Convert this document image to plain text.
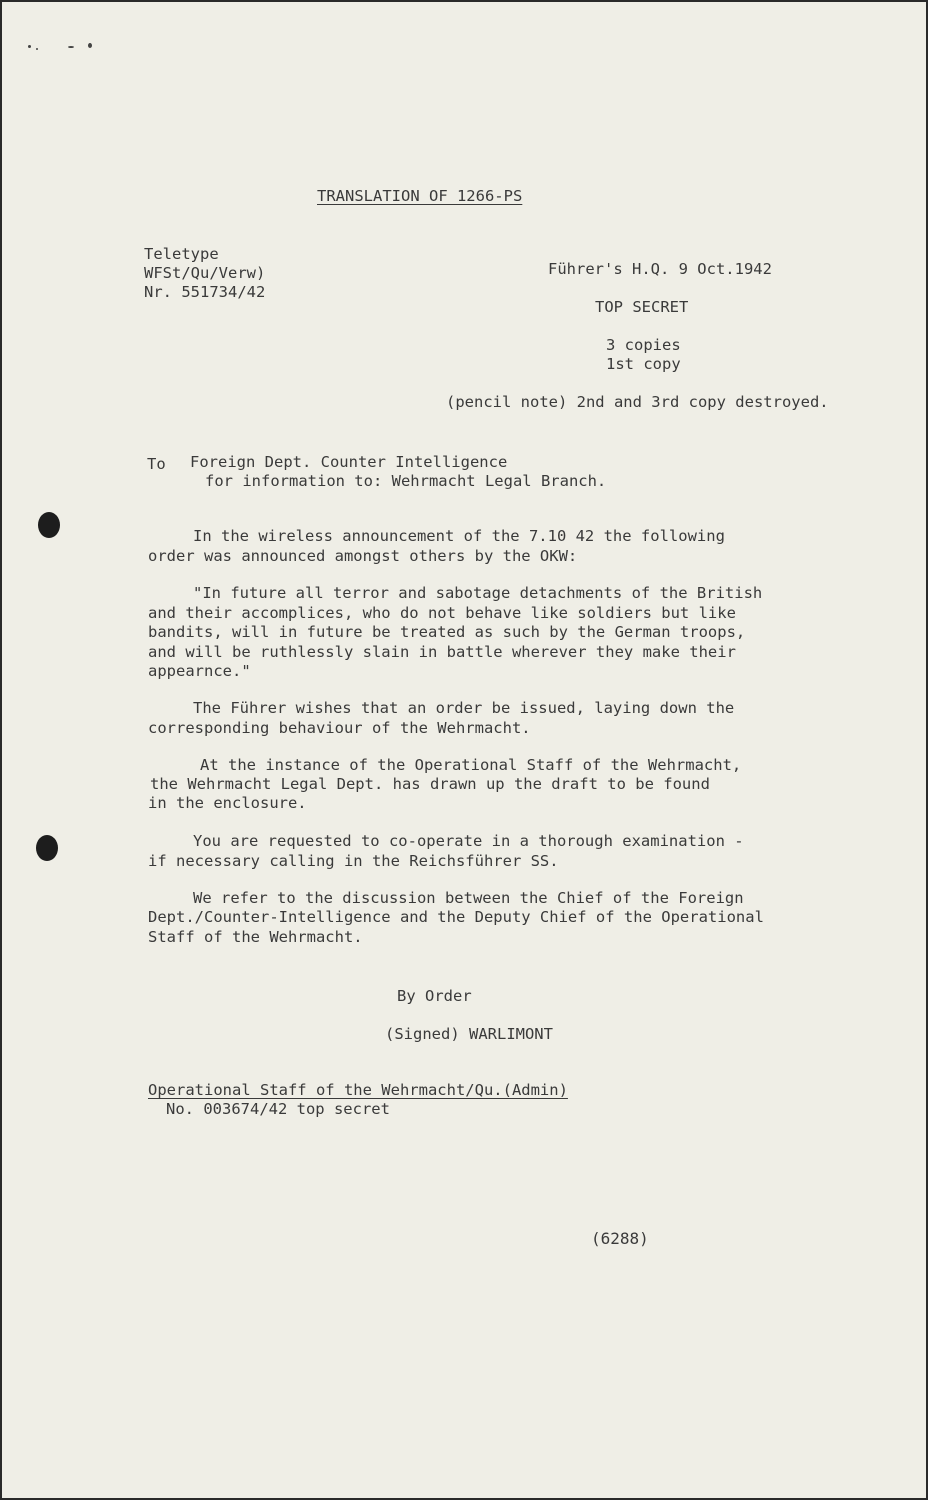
TRANSLATION OF 1266-PS
Teletype
WFSt/Qu/Verw)
Nr. 551734/42
Führer's H.Q. 9 Oct.1942
TOP SECRET
3 copies
1st copy
(pencil note) 2nd and 3rd copy destroyed.
To Foreign Dept. Counter Intelligence
for information to: Wehrmacht Legal Branch.
In the wireless announcement of the 7.10 42 the following
order was announced amongst others by the OKW:
"In future all terror and sabotage detachments of the British
and their accomplices, who do not behave like soldiers but like
bandits, will in future be treated as such by the German troops,
and will be ruthlessly slain in battle wherever they make their
appearnce."
The Führer wishes that an order be issued, laying down the
corresponding behaviour of the Wehrmacht.
At the instance of the Operational Staff of the Wehrmacht,
the Wehrmacht Legal Dept. has drawn up the draft to be found
in the enclosure.
You are requested to co-operate in a thorough examination -
if necessary calling in the Reichsführer SS.
We refer to the discussion between the Chief of the Foreign
Dept./Counter-Intelligence and the Deputy Chief of the Operational
Staff of the Wehrmacht.
By Order
(Signed) WARLIMONT
Operational Staff of the Wehrmacht/Qu.(Admin)
No. 003674/42 top secret
(6288)
